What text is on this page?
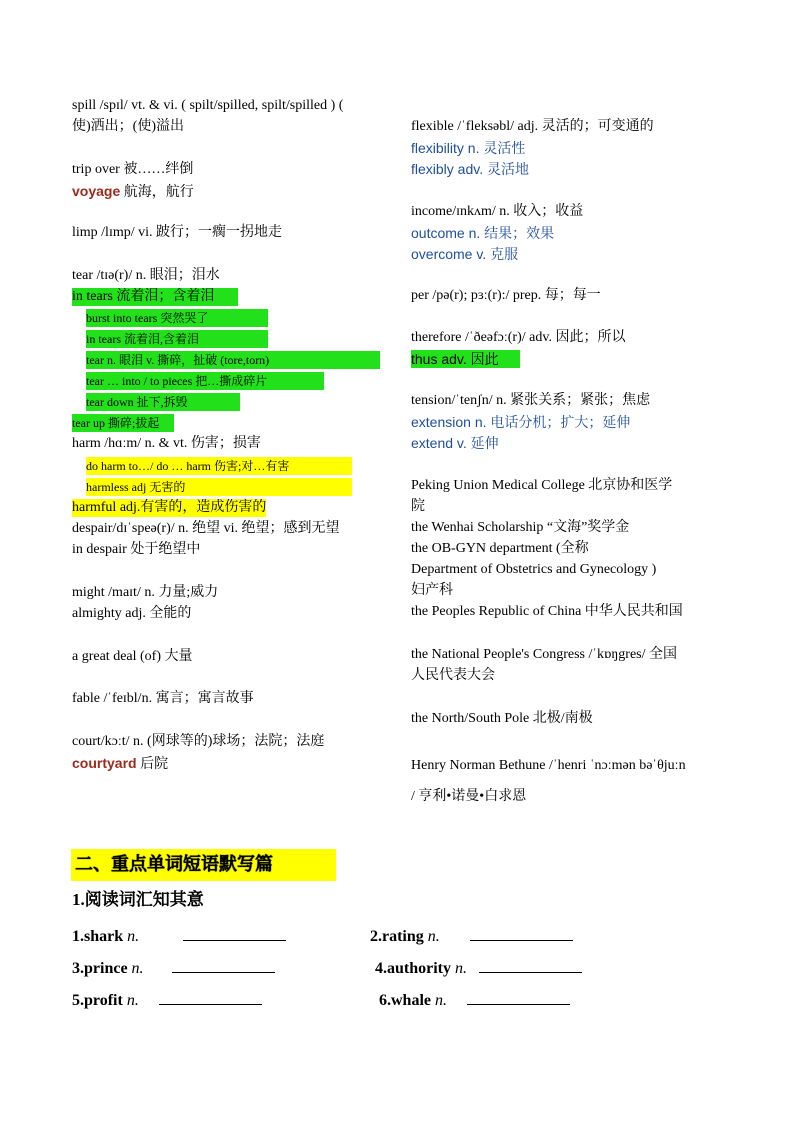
spill /spɪl/ vt. & vi. ( spilt/spilled, spilt/spilled ) (
使)洒出；(使)溢出
trip over 被……绊倒
voyage 航海，航行
limp /lɪmp/ vi. 跛行；一瘸一拐地走
tear /tɪə(r)/ n. 眼泪；泪水
in tears 流着泪；含着泪
burst into tears 突然哭了
in tears 流着泪,含着泪
tear n. 眼泪 v. 撕碎，扯破 (tore,torn)
tear … into / to pieces 把…撕成碎片
tear down 扯下,拆毁
tear up 撕碎;拔起
harm /hɑːm/ n. & vt. 伤害；损害
do harm to…/ do … harm 伤害;对…有害
harmless adj 无害的
harmful adj.有害的，造成伤害的
despair/dɪˈspeə(r)/ n. 绝望 vi. 绝望；感到无望
in despair 处于绝望中
might /maɪt/ n. 力量;威力
almighty adj. 全能的
a great deal (of) 大量
fable /ˈfeɪbl/n. 寓言；寓言故事
court/kɔːt/ n. (网球等的)球场；法院；法庭
courtyard 后院
flexible /ˈfleksəbl/ adj. 灵活的；可变通的
flexibility n. 灵活性
flexibly adv. 灵活地
income/ɪnkʌm/ n. 收入；收益
outcome n. 结果；效果
overcome v. 克服
per /pə(r); pɜː(r):/ prep. 每；每一
therefore /ˈðeəfɔː(r)/ adv. 因此；所以
thus adv. 因此
tension/ˈtenʃn/ n. 紧张关系；紧张；焦虑
extension n. 电话分机；扩大；延伸
extend v. 延伸
Peking Union Medical College 北京协和医学
院
the Wenhai Scholarship “文海”奖学金
the OB-GYN department (全称
Department of Obstetrics and Gynecology )
妇产科
the Peoples Republic of China 中华人民共和国
the National People's Congress /ˈkɒŋgres/ 全国
人民代表大会
the North/South Pole 北极/南极
Henry Norman Bethune /ˈhenri ˈnɔːmən bəˈθjuːn
/ 亨利•诺曼•白求恩
二、重点单词短语默写篇
1.阅读词汇知其意
1.shark n.	2.rating n.
3.prince n.	4.authority n.
5.profit n.	6.whale n.
